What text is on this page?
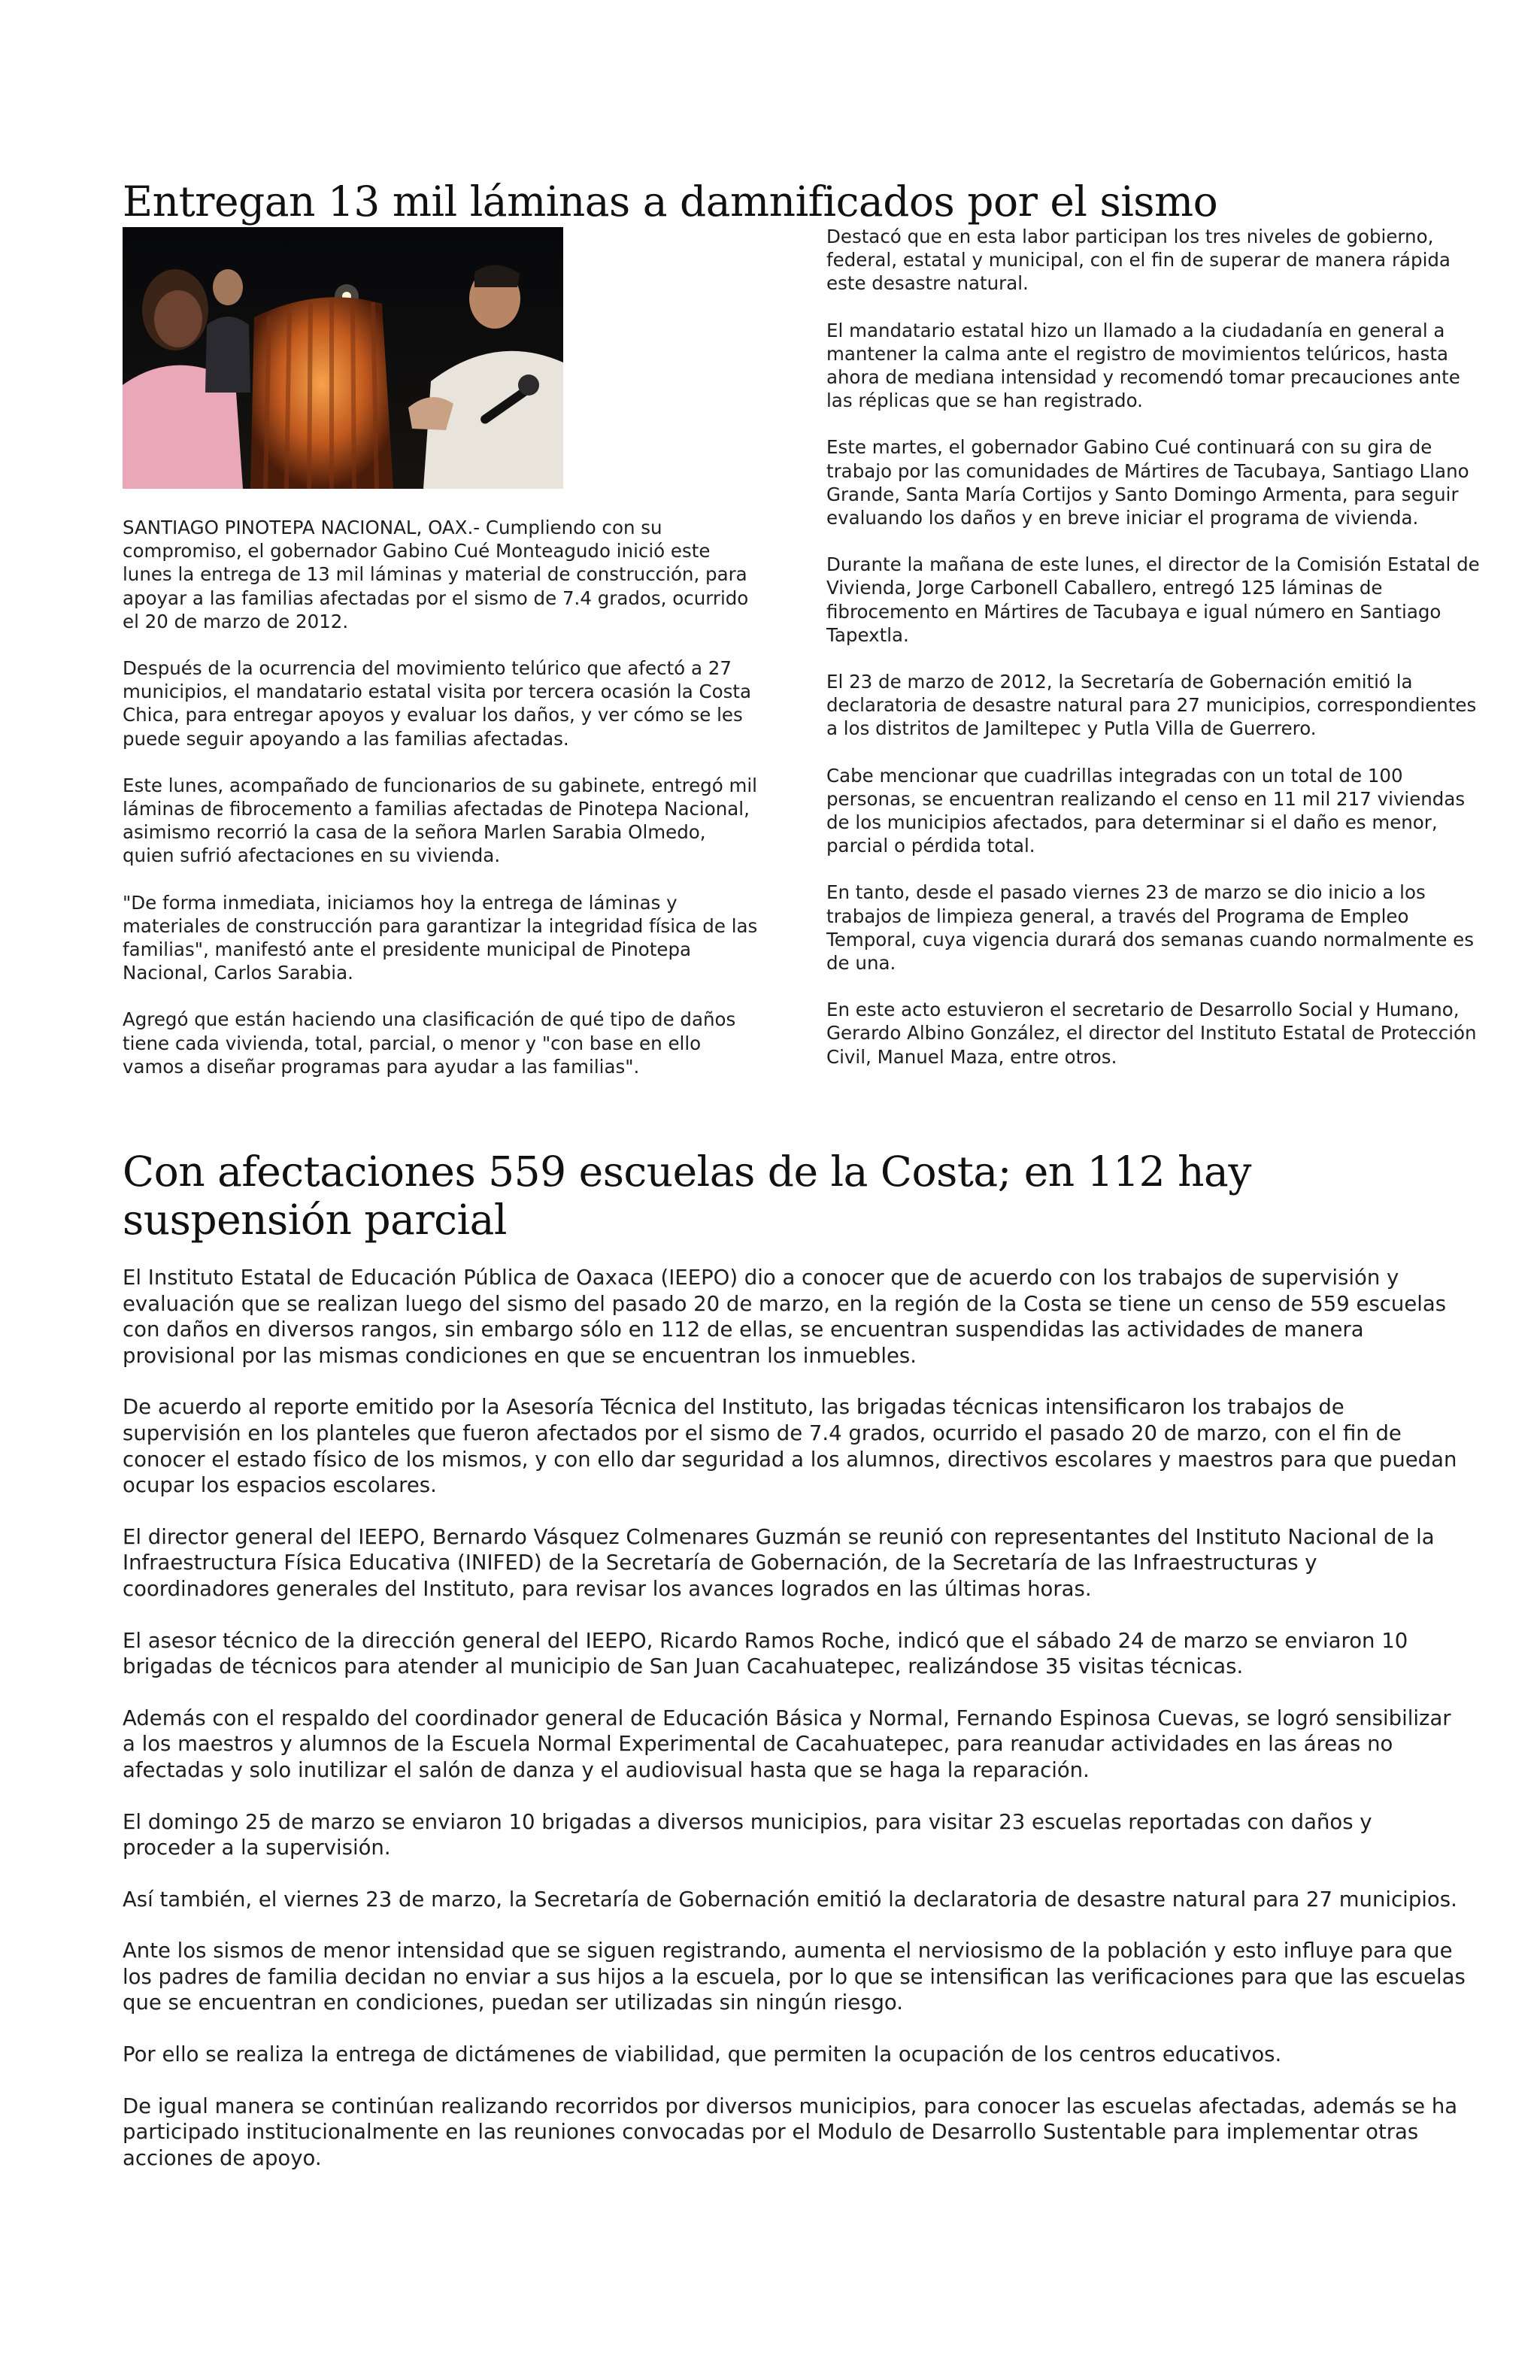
Entregan 13 mil láminas a damnificados por el sismo

SANTIAGO PINOTEPA NACIONAL, OAX.- Cumpliendo con su compromiso, el gobernador Gabino Cué Monteagudo inició este lunes la entrega de 13 mil láminas y material de construcción, para apoyar a las familias afectadas por el sismo de 7.4 grados, ocurrido el 20 de marzo de 2012.

Después de la ocurrencia del movimiento telúrico que afectó a 27 municipios, el mandatario estatal visita por tercera ocasión la Costa Chica, para entregar apoyos y evaluar los daños, y ver cómo se les puede seguir apoyando a las familias afectadas.

Este lunes, acompañado de funcionarios de su gabinete, entregó mil láminas de fibrocemento a familias afectadas de Pinotepa Nacional, asimismo recorrió la casa de la señora Marlen Sarabia Olmedo, quien sufrió afectaciones en su vivienda.

"De forma inmediata, iniciamos hoy la entrega de láminas y materiales de construcción para garantizar la integridad física de las familias", manifestó ante el presidente municipal de Pinotepa Nacional, Carlos Sarabia.

Agregó que están haciendo una clasificación de qué tipo de daños tiene cada vivienda, total, parcial, o menor y "con base en ello vamos a diseñar programas para ayudar a las familias".

Destacó que en esta labor participan los tres niveles de gobierno, federal, estatal y municipal, con el fin de superar de manera rápida este desastre natural.

El mandatario estatal hizo un llamado a la ciudadanía en general a mantener la calma ante el registro de movimientos telúricos, hasta ahora de mediana intensidad y recomendó tomar precauciones ante las réplicas que se han registrado.

Este martes, el gobernador Gabino Cué continuará con su gira de trabajo por las comunidades de Mártires de Tacubaya, Santiago Llano Grande, Santa María Cortijos y Santo Domingo Armenta, para seguir evaluando los daños y en breve iniciar el programa de vivienda.

Durante la mañana de este lunes, el director de la Comisión Estatal de Vivienda, Jorge Carbonell Caballero, entregó 125 láminas de fibrocemento en Mártires de Tacubaya e igual número en Santiago Tapextla.

El 23 de marzo de 2012, la Secretaría de Gobernación emitió la declaratoria de desastre natural para 27 municipios, correspondientes a los distritos de Jamiltepec y Putla Villa de Guerrero.

Cabe mencionar que cuadrillas integradas con un total de 100 personas, se encuentran realizando el censo en 11 mil 217 viviendas de los municipios afectados, para determinar si el daño es menor, parcial o pérdida total.

En tanto, desde el pasado viernes 23 de marzo se dio inicio a los trabajos de limpieza general, a través del Programa de Empleo Temporal, cuya vigencia durará dos semanas cuando normalmente es de una.

En este acto estuvieron el secretario de Desarrollo Social y Humano, Gerardo Albino González, el director del Instituto Estatal de Protección Civil, Manuel Maza, entre otros.

Con afectaciones 559 escuelas de la Costa; en 112 hay suspensión parcial

El Instituto Estatal de Educación Pública de Oaxaca (IEEPO) dio a conocer que de acuerdo con los trabajos de supervisión y evaluación que se realizan luego del sismo del pasado 20 de marzo, en la región de la Costa se tiene un censo de 559 escuelas con daños en diversos rangos, sin embargo sólo en 112 de ellas, se encuentran suspendidas las actividades de manera provisional por las mismas condiciones en que se encuentran los inmuebles.

De acuerdo al reporte emitido por la Asesoría Técnica del Instituto, las brigadas técnicas intensificaron los trabajos de supervisión en los planteles que fueron afectados por el sismo de 7.4 grados, ocurrido el pasado 20 de marzo, con el fin de conocer el estado físico de los mismos, y con ello dar seguridad a los alumnos, directivos escolares y maestros para que puedan ocupar los espacios escolares.

El director general del IEEPO, Bernardo Vásquez Colmenares Guzmán se reunió con representantes del Instituto Nacional de la Infraestructura Física Educativa (INIFED) de la Secretaría de Gobernación, de la Secretaría de las Infraestructuras y coordinadores generales del Instituto, para revisar los avances logrados en las últimas horas.

El asesor técnico de la dirección general del IEEPO, Ricardo Ramos Roche, indicó que el sábado 24 de marzo se enviaron 10 brigadas de técnicos para atender al municipio de San Juan Cacahuatepec, realizándose 35 visitas técnicas.

Además con el respaldo del coordinador general de Educación Básica y Normal, Fernando Espinosa Cuevas, se logró sensibilizar a los maestros y alumnos de la Escuela Normal Experimental de Cacahuatepec, para reanudar actividades en las áreas no afectadas y solo inutilizar el salón de danza y el audiovisual hasta que se haga la reparación.

El domingo 25 de marzo se enviaron 10 brigadas a diversos municipios, para visitar 23 escuelas reportadas con daños y proceder a la supervisión.

Así también, el viernes 23 de marzo, la Secretaría de Gobernación emitió la declaratoria de desastre natural para 27 municipios.

Ante los sismos de menor intensidad que se siguen registrando, aumenta el nerviosismo de la población y esto influye para que los padres de familia decidan no enviar a sus hijos a la escuela, por lo que se intensifican las verificaciones para que las escuelas que se encuentran en condiciones, puedan ser utilizadas sin ningún riesgo.

Por ello se realiza la entrega de dictámenes de viabilidad, que permiten la ocupación de los centros educativos.

De igual manera se continúan realizando recorridos por diversos municipios, para conocer las escuelas afectadas, además se ha participado institucionalmente en las reuniones convocadas por el Modulo de Desarrollo Sustentable para implementar otras acciones de apoyo.
